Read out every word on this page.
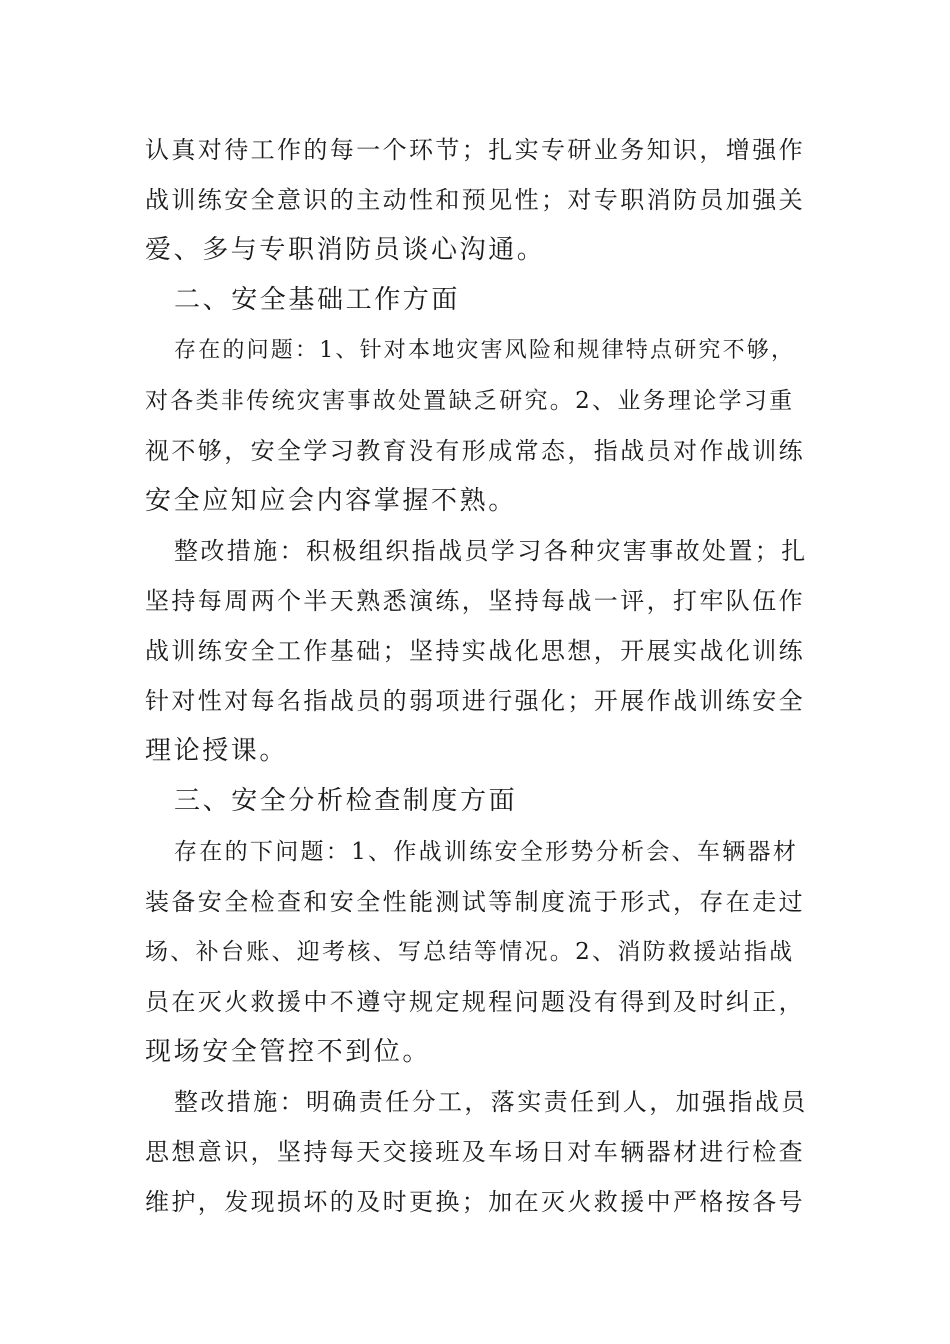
认真对待工作的每一个环节；扎实专研业务知识，增强作
战训练安全意识的主动性和预见性；对专职消防员加强关
爱、多与专职消防员谈心沟通。
二、安全基础工作方面
存在的问题：1、针对本地灾害风险和规律特点研究不够，
对各类非传统灾害事故处置缺乏研究。2、业务理论学习重
视不够，安全学习教育没有形成常态，指战员对作战训练
安全应知应会内容掌握不熟。
整改措施：积极组织指战员学习各种灾害事故处置；扎
坚持每周两个半天熟悉演练，坚持每战一评，打牢队伍作
战训练安全工作基础；坚持实战化思想，开展实战化训练
针对性对每名指战员的弱项进行强化；开展作战训练安全
理论授课。
三、安全分析检查制度方面
存在的下问题：1、作战训练安全形势分析会、车辆器材
装备安全检查和安全性能测试等制度流于形式，存在走过
场、补台账、迎考核、写总结等情况。2、消防救援站指战
员在灭火救援中不遵守规定规程问题没有得到及时纠正，
现场安全管控不到位。
整改措施：明确责任分工，落实责任到人，加强指战员
思想意识，坚持每天交接班及车场日对车辆器材进行检查
维护，发现损坏的及时更换；加在灭火救援中严格按各号
